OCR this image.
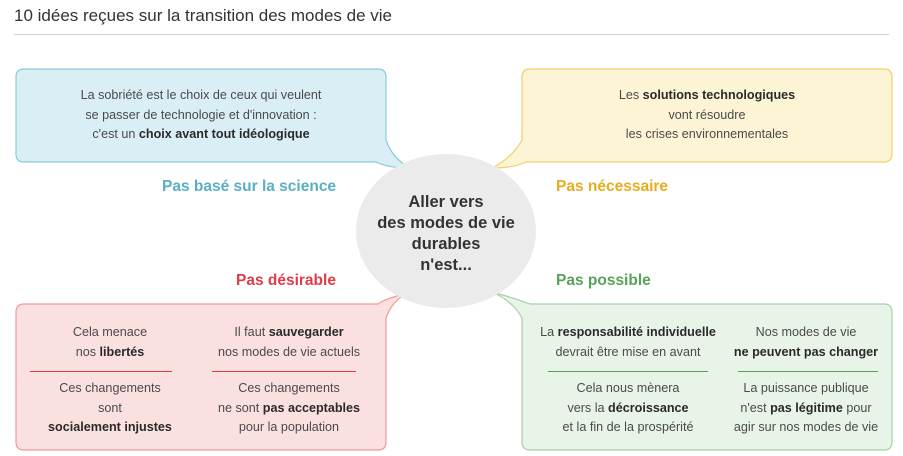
10 idées reçues sur la transition des modes de vie
La sobriété est le choix de ceux qui veulent
se passer de technologie et d'innovation :
c'est un choix avant tout idéologique
Les solutions technologiques
vont résoudre
les crises environnementales
Pas basé sur la science	Pas nécessaire
Pas désirable	Pas possible
Aller vers
des modes de vie
durables
n'est...
Cela menace
nos libertés
Il faut sauvegarder
nos modes de vie actuels
Ces changements
sont
socialement injustes
Ces changements
ne sont pas acceptables
pour la population
La responsabilité individuelle
devrait être mise en avant
Nos modes de vie
ne peuvent pas changer
Cela nous mènera
vers la décroissance
et la fin de la prospérité
La puissance publique
n'est pas légitime pour
agir sur nos modes de vie
